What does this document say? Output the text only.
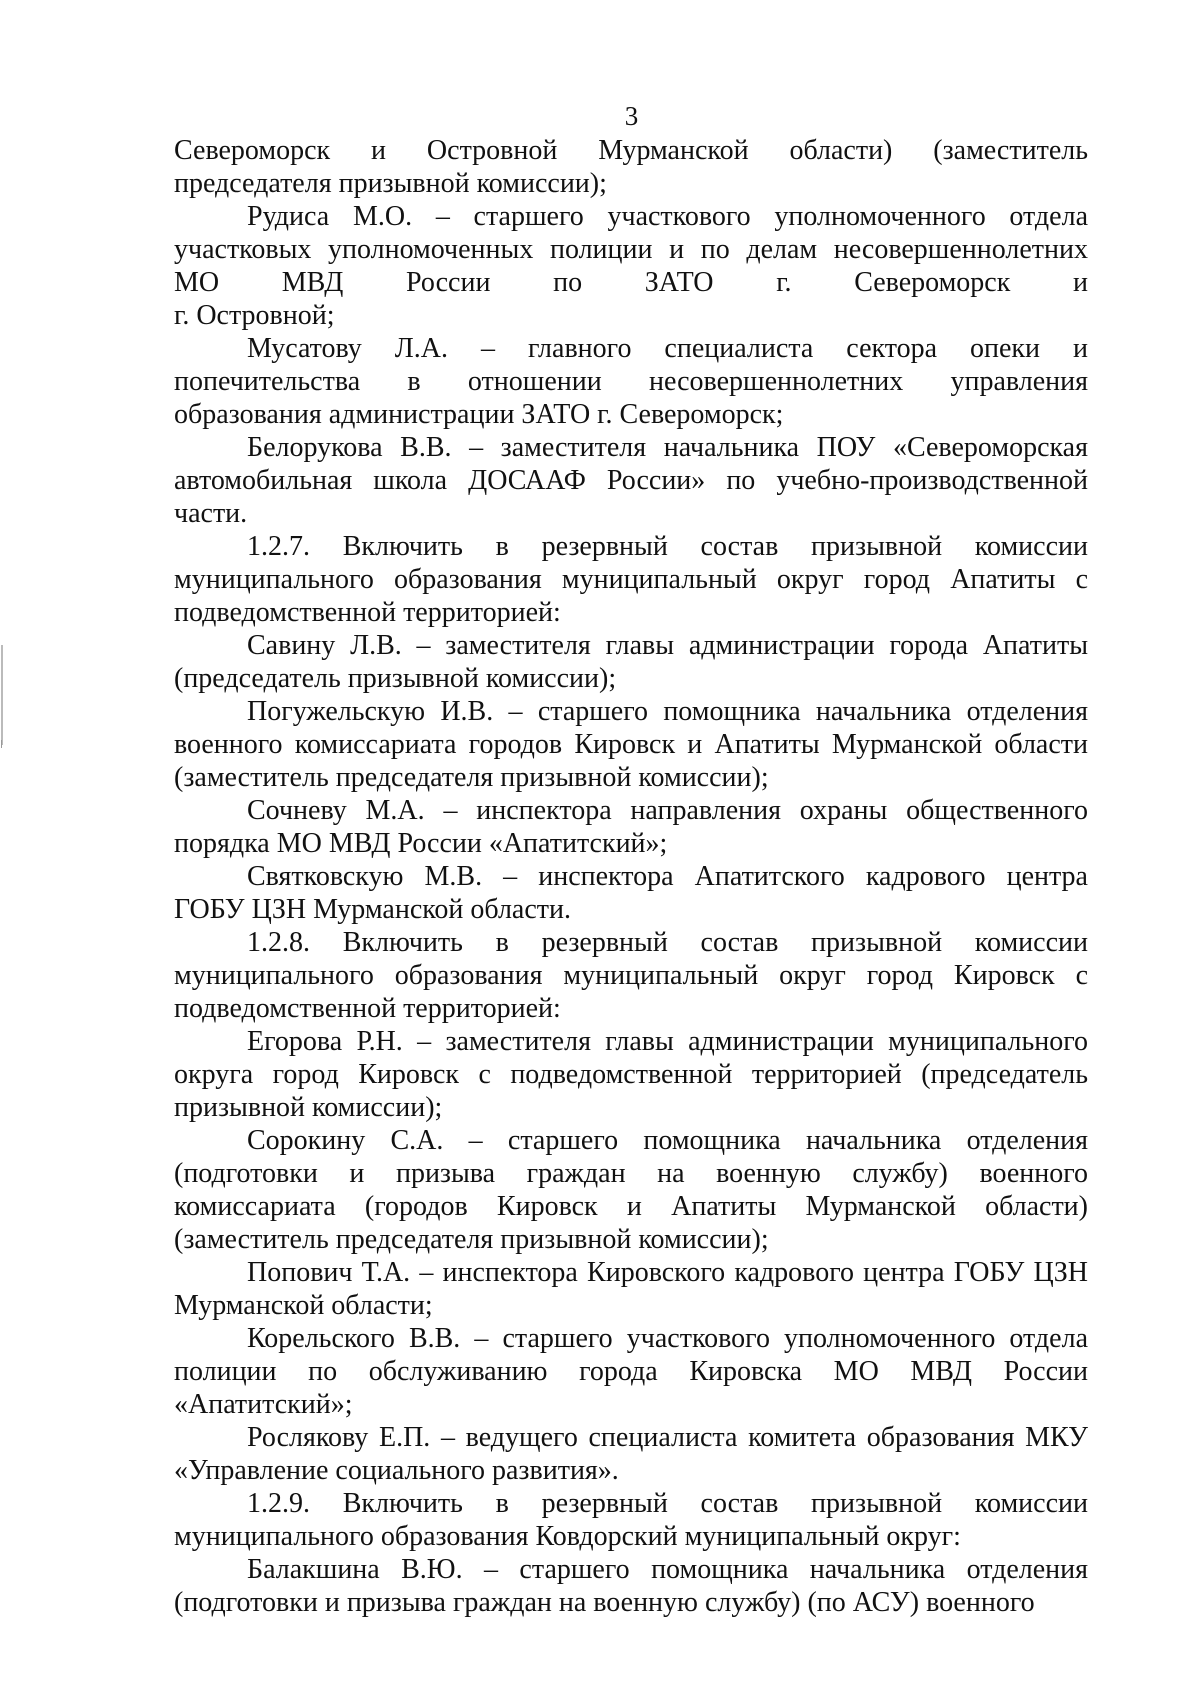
3
Североморск и Островной Мурманской области) (заместитель
председателя призывной комиссии);
Рудиса М.О. – старшего участкового уполномоченного отдела
участковых уполномоченных полиции и по делам несовершеннолетних
МО МВД России по ЗАТО г. Североморск и
г. Островной;
Мусатову Л.А. – главного специалиста сектора опеки и
попечительства в отношении несовершеннолетних управления
образования администрации ЗАТО г. Североморск;
Белорукова В.В. – заместителя начальника ПОУ «Североморская
автомобильная школа ДОСААФ России» по учебно-производственной
части.
1.2.7. Включить в резервный состав призывной комиссии
муниципального образования муниципальный округ город Апатиты с
подведомственной территорией:
Савину Л.В. – заместителя главы администрации города Апатиты
(председатель призывной комиссии);
Погужельскую И.В. – старшего помощника начальника отделения
военного комиссариата городов Кировск и Апатиты Мурманской области
(заместитель председателя призывной комиссии);
Сочневу М.А. – инспектора направления охраны общественного
порядка МО МВД России «Апатитский»;
Святковскую М.В. – инспектора Апатитского кадрового центра
ГОБУ ЦЗН Мурманской области.
1.2.8. Включить в резервный состав призывной комиссии
муниципального образования муниципальный округ город Кировск с
подведомственной территорией:
Егорова Р.Н. – заместителя главы администрации муниципального
округа город Кировск с подведомственной территорией (председатель
призывной комиссии);
Сорокину С.А. – старшего помощника начальника отделения
(подготовки и призыва граждан на военную службу) военного
комиссариата (городов Кировск и Апатиты Мурманской области)
(заместитель председателя призывной комиссии);
Попович Т.А. – инспектора Кировского кадрового центра ГОБУ ЦЗН
Мурманской области;
Корельского В.В. – старшего участкового уполномоченного отдела
полиции по обслуживанию города Кировска МО МВД России
«Апатитский»;
Рослякову Е.П. – ведущего специалиста комитета образования МКУ
«Управление социального развития».
1.2.9. Включить в резервный состав призывной комиссии
муниципального образования Ковдорский муниципальный округ:
Балакшина В.Ю. – старшего помощника начальника отделения
(подготовки и призыва граждан на военную службу) (по АСУ) военного
